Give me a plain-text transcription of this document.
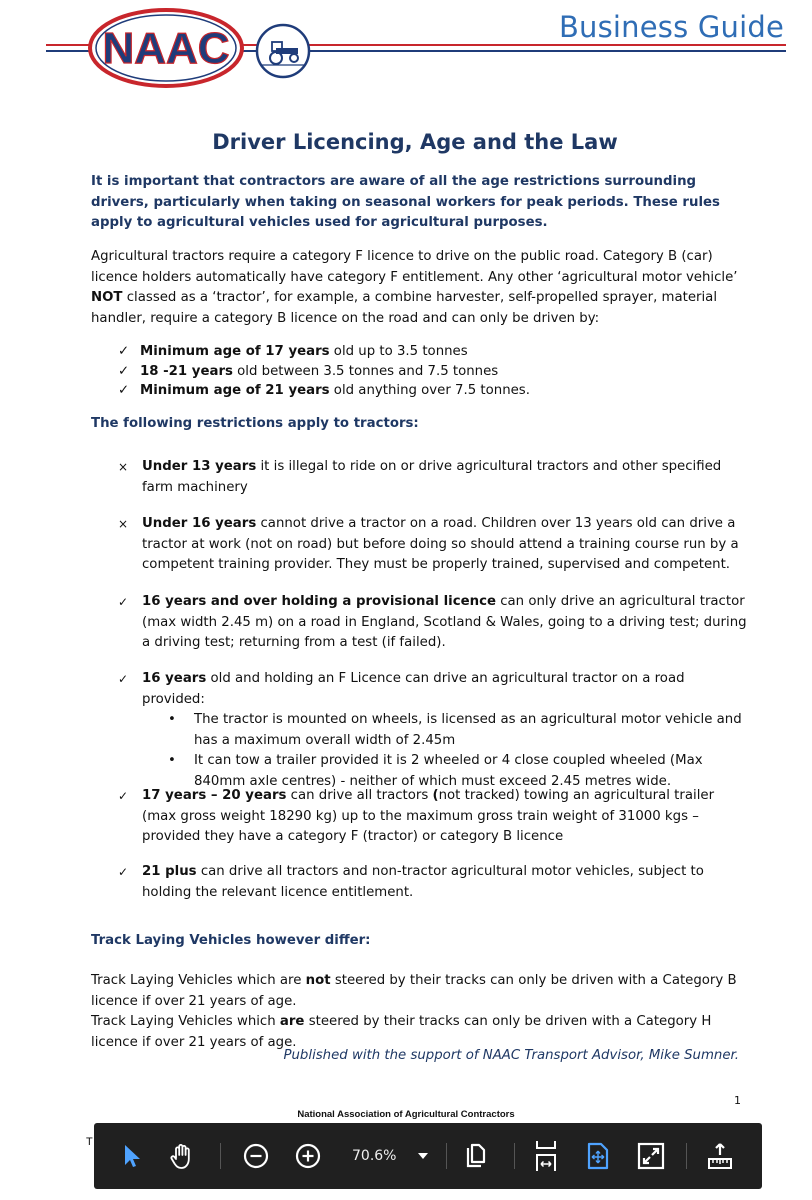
NAAC	Business Guide
Driver Licencing, Age and the Law
It is important that contractors are aware of all the age restrictions surrounding drivers, particularly when taking on seasonal workers for peak periods. These rules apply to agricultural vehicles used for agricultural purposes.
Agricultural tractors require a category F licence to drive on the public road. Category B (car) licence holders automatically have category F entitlement. Any other ‘agricultural motor vehicle’ NOT classed as a ‘tractor’, for example, a combine harvester, self-propelled sprayer, material handler, require a category B licence on the road and can only be driven by:
✓ Minimum age of 17 years old up to 3.5 tonnes
✓ 18 -21 years old between 3.5 tonnes and 7.5 tonnes
✓ Minimum age of 21 years old anything over 7.5 tonnes.
The following restrictions apply to tractors:
×	Under 13 years it is illegal to ride on or drive agricultural tractors and other specified farm machinery
×	Under 16 years cannot drive a tractor on a road. Children over 13 years old can drive a tractor at work (not on road) but before doing so should attend a training course run by a competent training provider. They must be properly trained, supervised and competent.
✓	16 years and over holding a provisional licence can only drive an agricultural tractor (max width 2.45 m) on a road in England, Scotland & Wales, going to a driving test; during a driving test; returning from a test (if failed).
✓	16 years old and holding an F Licence can drive an agricultural tractor on a road provided:
• The tractor is mounted on wheels, is licensed as an agricultural motor vehicle and has a maximum overall width of 2.45m
• It can tow a trailer provided it is 2 wheeled or 4 close coupled wheeled (Max 840mm axle centres) - neither of which must exceed 2.45 metres wide.
✓	17 years – 20 years can drive all tractors (not tracked) towing an agricultural trailer (max gross weight 18290 kg) up to the maximum gross train weight of 31000 kgs – provided they have a category F (tractor) or category B licence
✓	21 plus can drive all tractors and non-tractor agricultural motor vehicles, subject to holding the relevant licence entitlement.
Track Laying Vehicles however differ:
Track Laying Vehicles which are not steered by their tracks can only be driven with a Category B licence if over 21 years of age.
Track Laying Vehicles which are steered by their tracks can only be driven with a Category H licence if over 21 years of age.
Published with the support of NAAC Transport Advisor, Mike Sumner.
1
National Association of Agricultural Contractors
T
70.6%
